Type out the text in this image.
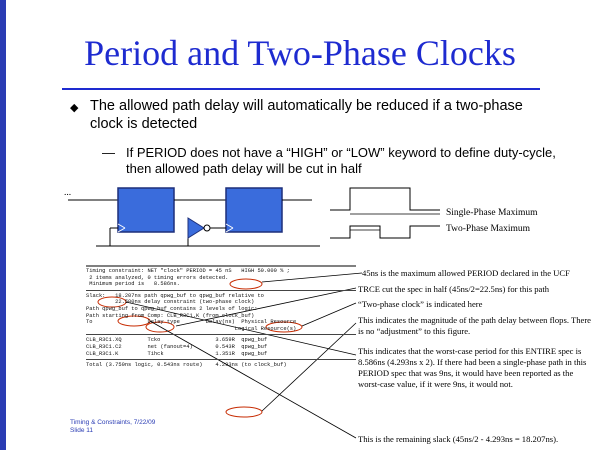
Period and Two-Phase Clocks
◆ The allowed path delay will automatically be reduced if a two-phase clock is detected
— If PERIOD does not have a “HIGH” or “LOW” keyword to define duty-cycle, then allowed path delay will be cut in half
...
Single-Phase Maximum
Two-Phase Maximum
Timing constraint: NET "clock" PERIOD = 45 nS   HIGH 50.000 % ;
2 items analyzed, 0 timing errors detected.
Minimum period is   8.586ns.
Slack:   18.207ns path qpwg_buf to qpwg_buf relative to
22.500ns delay constraint (two-phase clock)
Path qpwg_buf to qpwg_buf contains 2 levels of logic:
Path starting from Comp: CLB_R3C1.K (from clock_buf)
To                 Delay type        Delay(ns)  Physical Resource
Logical Resource(s)
CLB_R3C1.XQ        Tcko                 3.659R  qpwg_buf
CLB_R3C1.C2        net (fanout=4)       0.543R  qpwg_buf
CLB_R3C1.K         Tihck                1.351R  qpwg_buf
Total (3.750ns logic, 0.543ns route)    4.293ns (to clock_buf)
45ns is the maximum allowed PERIOD declared in the UCF
TRCE cut the spec in half (45ns/2=22.5ns) for this path
“Two-phase clock” is indicated here
This indicates the magnitude of the path delay between flops. There is no “adjustment” to this figure.
This indicates that the worst-case period for this ENTIRE spec is 8.586ns (4.293ns x 2). If there had been a single-phase path in this PERIOD spec that was 9ns, it would have been reported as the worst-case value, if it were 9ns, it would not.
This is the remaining slack (45ns/2 - 4.293ns = 18.207ns).
Timing & Constraints, 7/22/09
Slide 11
